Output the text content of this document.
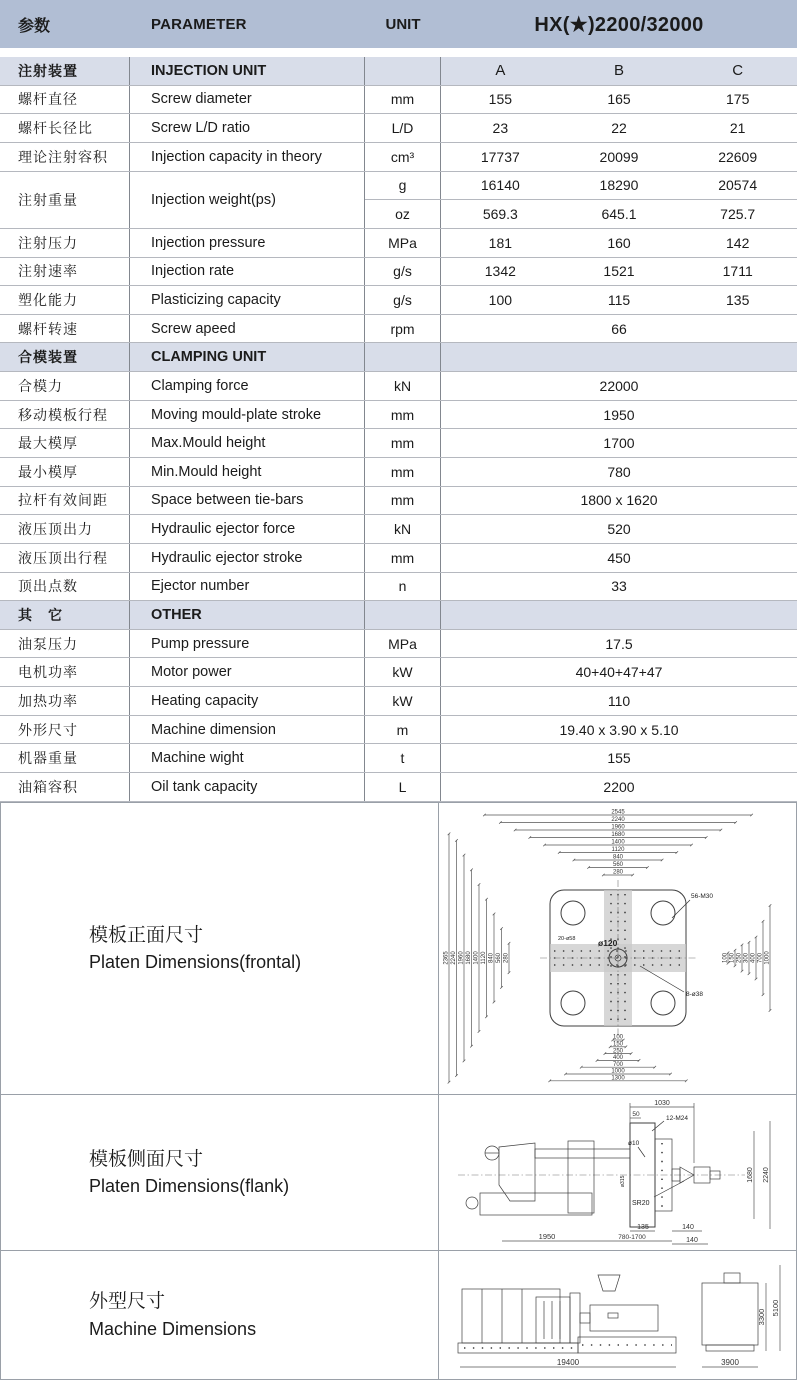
参数	PARAMETER	UNIT	HX(★)2200/32000
注射装置	INJECTION UNIT	A	B	C
螺杆直径	Screw diameter	mm	155	165	175
螺杆长径比	Screw L/D ratio	L/D	23	22	21
理论注射容积	Injection capacity in theory	cm³	17737	20099	22609
注射重量	Injection weight(ps)
g	16140	18290	20574
oz	569.3	645.1	725.7
注射压力	Injection pressure	MPa	181	160	142
注射速率	Injection rate	g/s	1342	1521	1711
塑化能力	Plasticizing capacity	g/s	100	115	135
螺杆转速	Screw apeed	rpm	66
合模装置	CLAMPING UNIT
合模力	Clamping force	kN	22000
移动模板行程	Moving mould-plate stroke	mm	1950
最大模厚	Max.Mould height	mm	1700
最小模厚	Min.Mould height	mm	780
拉杆有效间距	Space between tie-bars	mm	1800 x 1620
液压顶出力	Hydraulic ejector force	kN	520
液压顶出行程	Hydraulic ejector stroke	mm	450
顶出点数	Ejector number	n	33
其　它	OTHER
油泵压力	Pump pressure	MPa	17.5
电机功率	Motor power	kW	40+40+47+47
加热功率	Heating capacity	kW	110
外形尺寸	Machine dimension	m	19.40 x 3.90 x 5.10
机器重量	Machine wight	t	155
油箱容积	Oil tank capacity	L	2200
模板正面尺寸
Platen Dimensions(frontal)
2545
2240
1960
1680
1400
1120
840
560
280
2365 2240 1960 1680 1400 1120 840 560 280
100
150
250
400
700
1000
1300
100 150 250 300 400 700 1000
56-M30
8-ø38
ø120
20-ø58
模板侧面尺寸
Platen Dimensions(flank)
1030
50
12-M24
ø10
ø315
SR20
1680 2240
135
780-1700
1950
140
140
外型尺寸
Machine Dimensions
19400	3900
3300
5100
